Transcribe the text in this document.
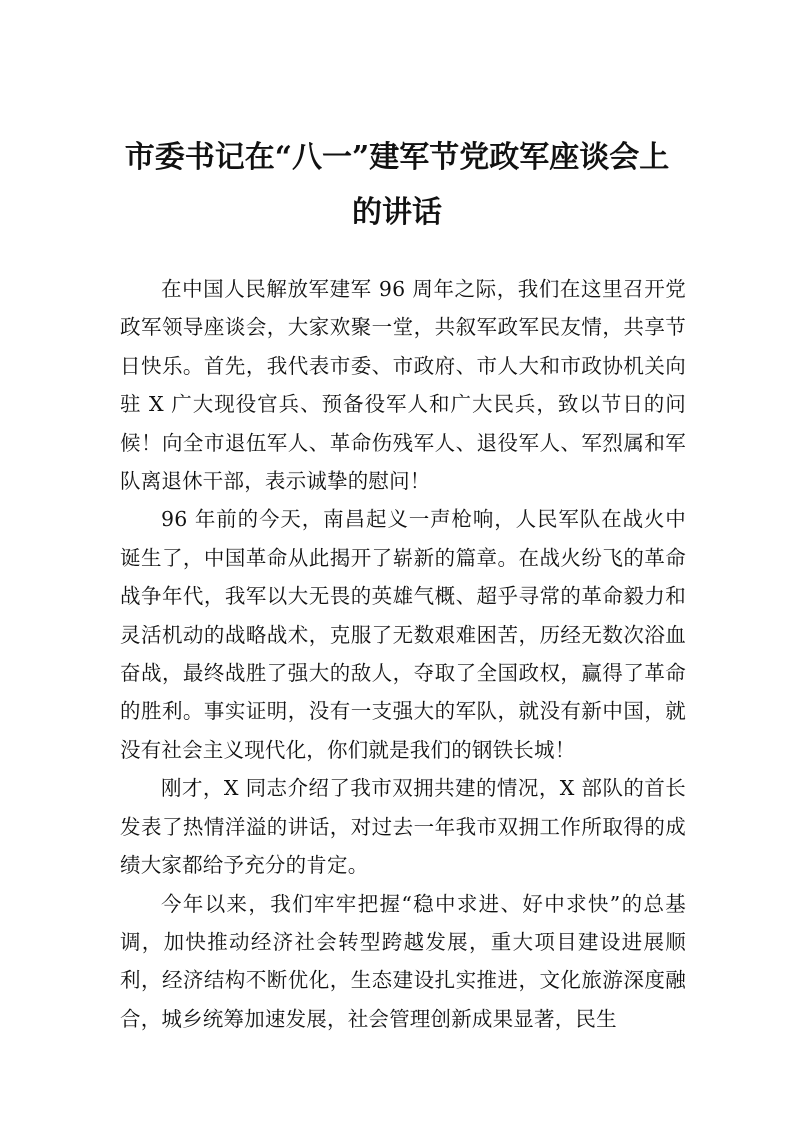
市委书记在“八一”建军节党政军座谈会上
的讲话

在中国人民解放军建军 96 周年之际，我们在这里召开党政军领导座谈会，大家欢聚一堂，共叙军政军民友情，共享节日快乐。首先，我代表市委、市政府、市人大和市政协机关向驻 X 广大现役官兵、预备役军人和广大民兵，致以节日的问候！向全市退伍军人、革命伤残军人、退役军人、军烈属和军队离退休干部，表示诚挚的慰问！

96 年前的今天，南昌起义一声枪响，人民军队在战火中诞生了，中国革命从此揭开了崭新的篇章。在战火纷飞的革命战争年代，我军以大无畏的英雄气概、超乎寻常的革命毅力和灵活机动的战略战术，克服了无数艰难困苦，历经无数次浴血奋战，最终战胜了强大的敌人，夺取了全国政权，赢得了革命的胜利。事实证明，没有一支强大的军队，就没有新中国，就没有社会主义现代化，你们就是我们的钢铁长城！

刚才，X 同志介绍了我市双拥共建的情况，X 部队的首长发表了热情洋溢的讲话，对过去一年我市双拥工作所取得的成绩大家都给予充分的肯定。

今年以来，我们牢牢把握“稳中求进、好中求快”的总基调，加快推动经济社会转型跨越发展，重大项目建设进展顺利，经济结构不断优化，生态建设扎实推进，文化旅游深度融合，城乡统筹加速发展，社会管理创新成果显著，民生
